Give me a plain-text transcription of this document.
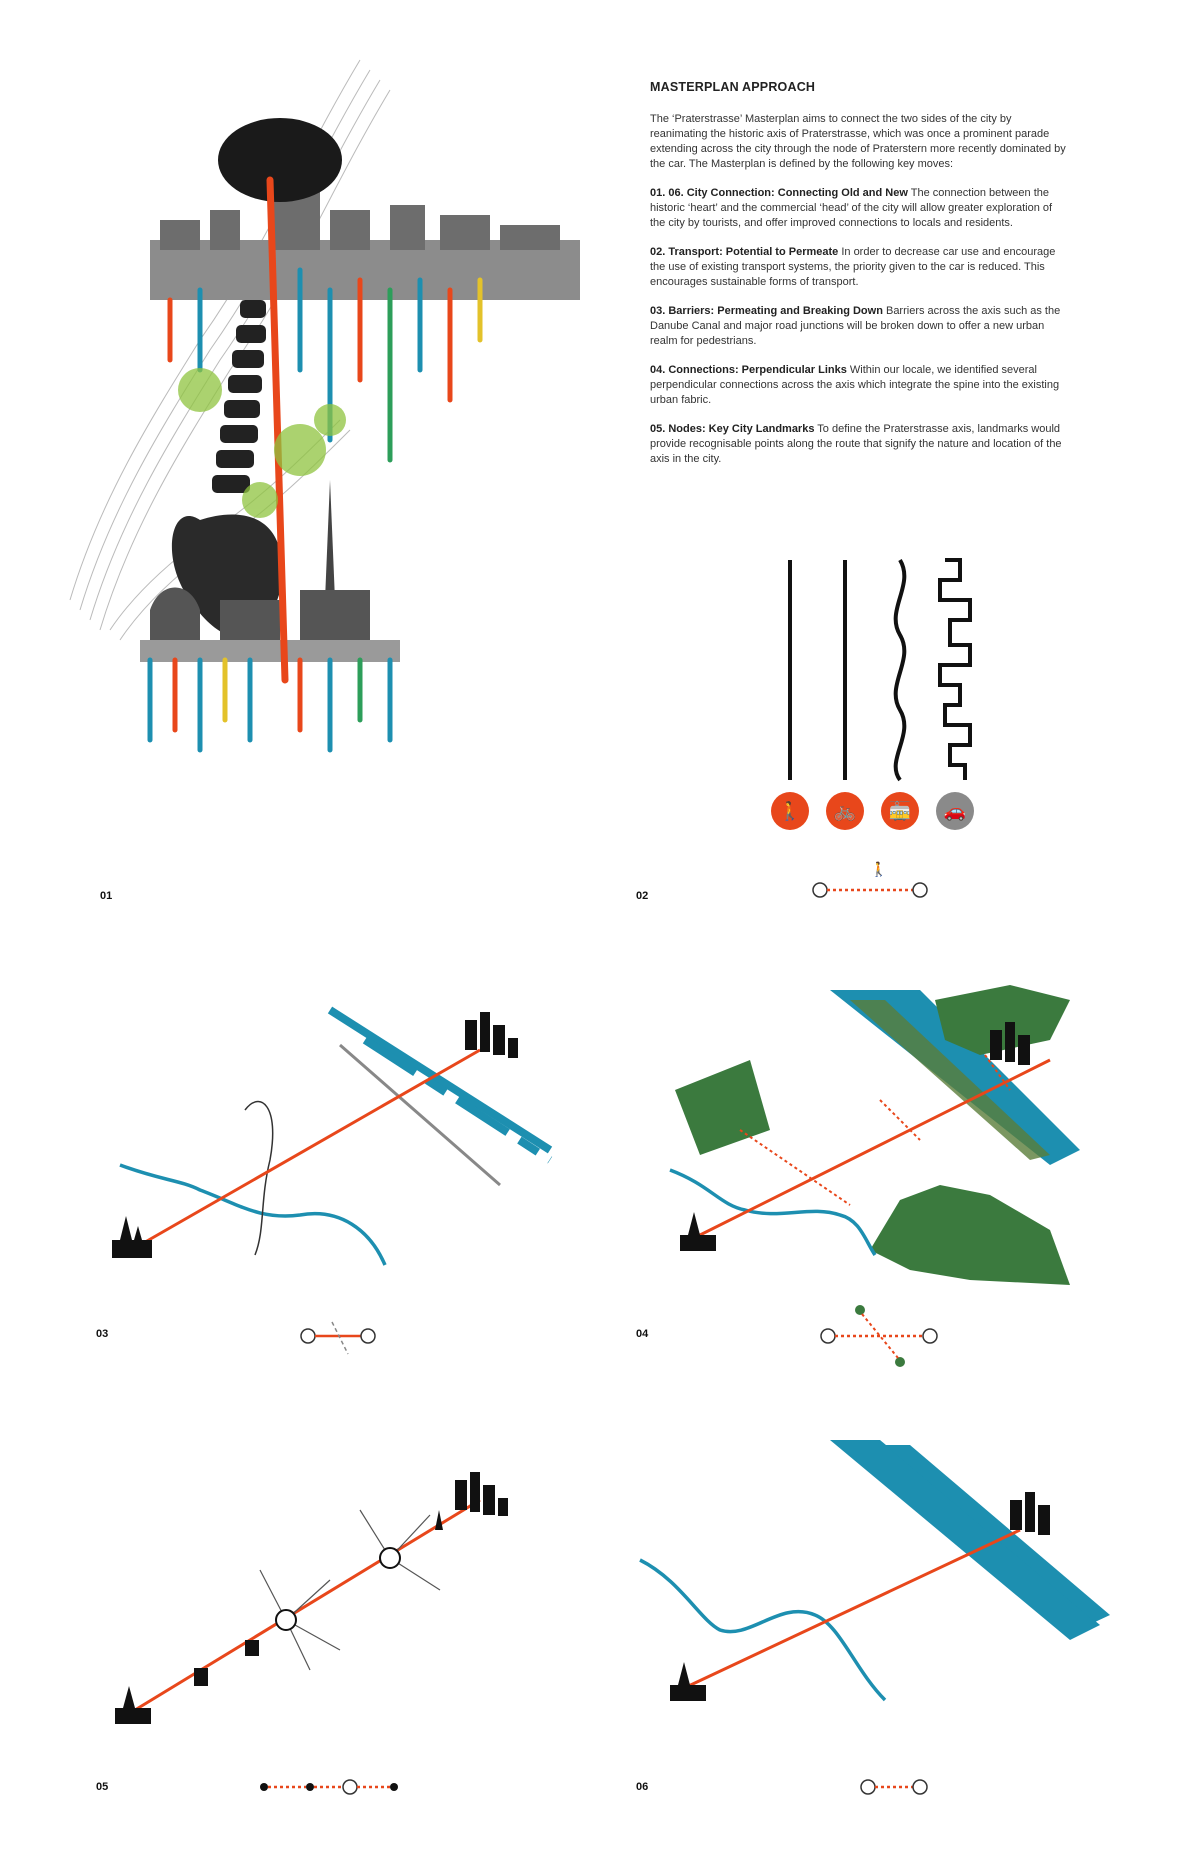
01
MASTERPLAN APPROACH

The ‘Praterstrasse’ Masterplan aims to connect the two sides of the city by reanimating the historic axis of Praterstrasse, which was once a prominent parade extending across the city through the node of Praterstern more recently dominated by the car. The Masterplan is defined by the following key moves:

01. 06. City Connection: Connecting Old and New The connection between the historic ‘heart’ and the commercial ‘head’ of the city will allow greater exploration of the city by tourists, and offer improved connections to locals and residents.

02. Transport: Potential to Permeate In order to decrease car use and encourage the use of existing transport systems, the priority given to the car is reduced. This encourages sustainable forms of transport.

03. Barriers: Permeating and Breaking Down Barriers across the axis such as the Danube Canal and major road junctions will be broken down to offer a new urban realm for pedestrians.

04. Connections: Perpendicular Links Within our locale, we identified several perpendicular connections across the axis which integrate the spine into the existing urban fabric.

05. Nodes: Key City Landmarks To define the Praterstrasse axis, landmarks would provide recognisable points along the route that signify the nature and location of the axis in the city.

🚶	🚲	🚋	🚗
🚶
02
03	04
05	06
